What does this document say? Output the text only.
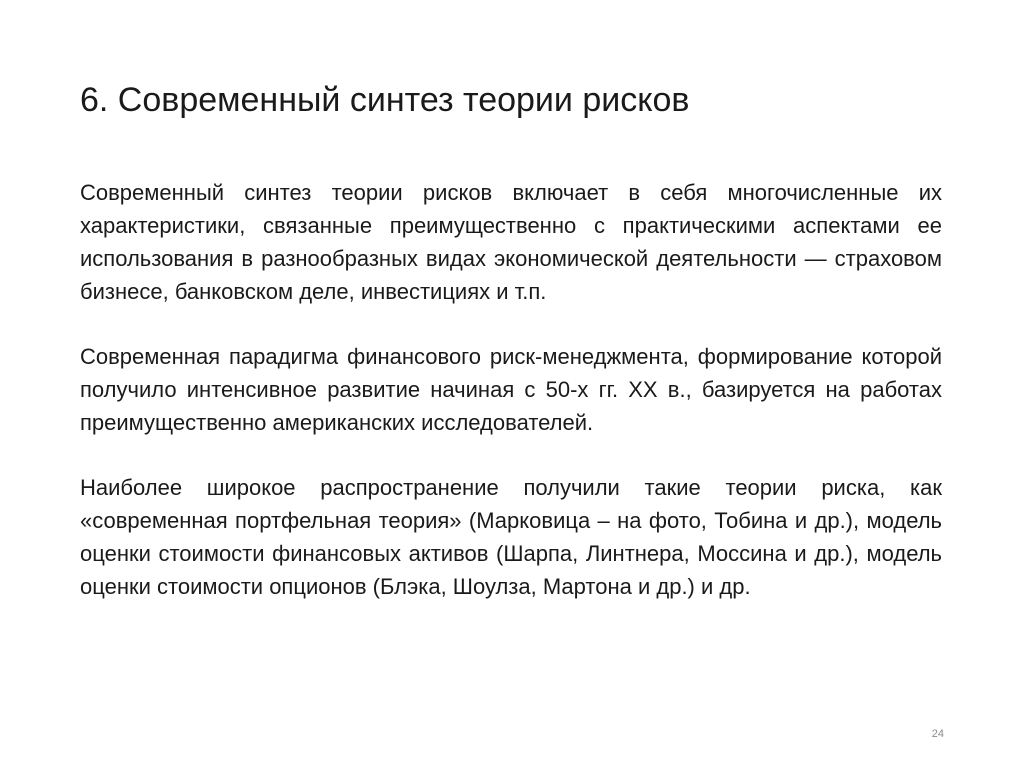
6. Современный синтез теории рисков

Современный синтез теории рисков включает в себя многочисленные их характеристики, связанные преимущественно с практическими аспектами ее использования в разнообразных видах экономической деятельности — страховом бизнесе, банковском деле, инвестициях и т.п.

Современная парадигма финансового риск-менеджмента, формирование которой получило интенсивное развитие начиная с 50-х гг. XX в., базируется на работах преимущественно американских исследователей.

Наиболее широкое распространение получили такие теории риска, как «современная портфельная теория» (Марковица – на фото, Тобина и др.), модель оценки стоимости финансовых активов (Шарпа, Линтнера, Моссина и др.), модель оценки стоимости опционов (Блэка, Шоулза, Мартона и др.) и др.

24
